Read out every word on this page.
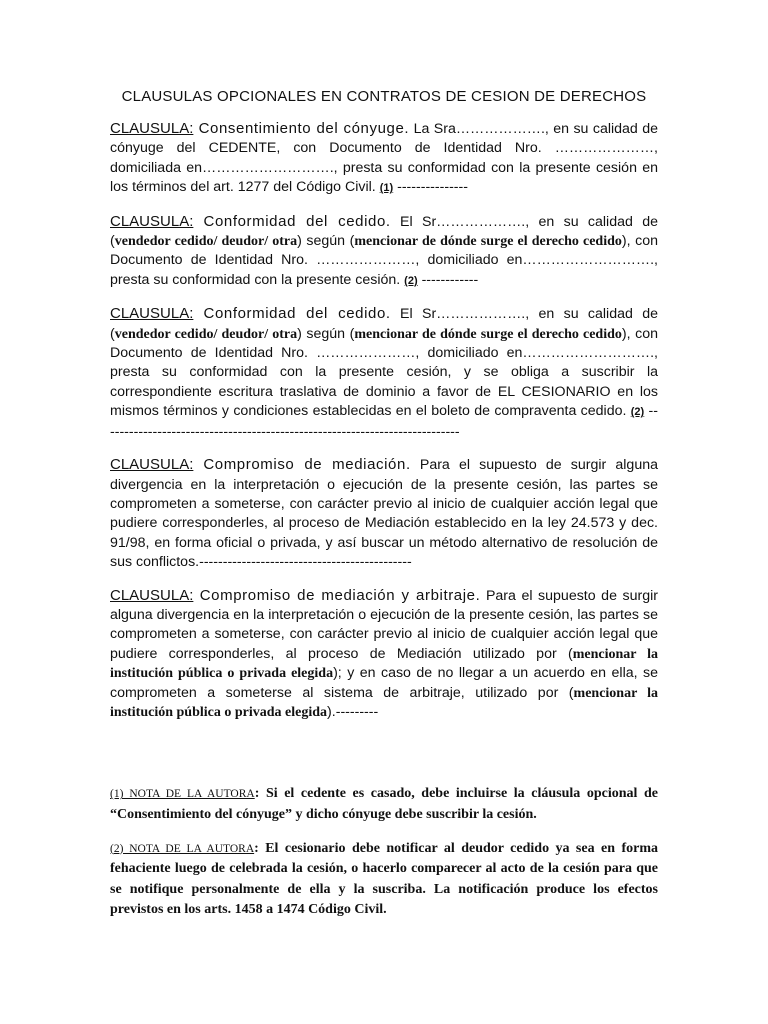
CLAUSULAS OPCIONALES EN CONTRATOS DE CESION DE DERECHOS

CLAUSULA: Consentimiento del cónyuge. La Sra………………., en su calidad de cónyuge del CEDENTE, con Documento de Identidad Nro. …………………, domiciliada en………………………., presta su conformidad con la presente cesión en los términos del art. 1277 del Código Civil. (1) ---------------

CLAUSULA: Conformidad del cedido. El Sr………………., en su calidad de (vendedor cedido/ deudor/ otra) según (mencionar de dónde surge el derecho cedido), con Documento de Identidad Nro. …………………, domiciliado en………………………., presta su conformidad con la presente cesión. (2) ------------

CLAUSULA: Conformidad del cedido. El Sr………………., en su calidad de (vendedor cedido/ deudor/ otra) según (mencionar de dónde surge el derecho cedido), con Documento de Identidad Nro. …………………, domiciliado en………………………., presta su conformidad con la presente cesión, y se obliga a suscribir la correspondiente escritura traslativa de dominio a favor de EL CESIONARIO en los mismos términos y condiciones establecidas en el boleto de compraventa cedido. (2) ----------------------------------------------------------------------------

CLAUSULA: Compromiso de mediación. Para el supuesto de surgir alguna divergencia en la interpretación o ejecución de la presente cesión, las partes se comprometen a someterse, con carácter previo al inicio de cualquier acción legal que pudiere corresponderles, al proceso de Mediación establecido en la ley 24.573 y dec. 91/98, en forma oficial o privada, y así buscar un método alternativo de resolución de sus conflictos.---------------------------------------------

CLAUSULA: Compromiso de mediación y arbitraje. Para el supuesto de surgir alguna divergencia en la interpretación o ejecución de la presente cesión, las partes se comprometen a someterse, con carácter previo al inicio de cualquier acción legal que pudiere corresponderles, al proceso de Mediación utilizado por (mencionar la institución pública o privada elegida); y en caso de no llegar a un acuerdo en ella, se comprometen a someterse al sistema de arbitraje, utilizado por (mencionar la institución pública o privada elegida).---------

(1) NOTA DE LA AUTORA: Si el cedente es casado, debe incluirse la cláusula opcional de “Consentimiento del cónyuge” y dicho cónyuge debe suscribir la cesión.

(2) NOTA DE LA AUTORA: El cesionario debe notificar al deudor cedido ya sea en forma fehaciente luego de celebrada la cesión, o hacerlo comparecer al acto de la cesión para que se notifique personalmente de ella y la suscriba. La notificación produce los efectos previstos en los arts. 1458 a 1474 Código Civil.
